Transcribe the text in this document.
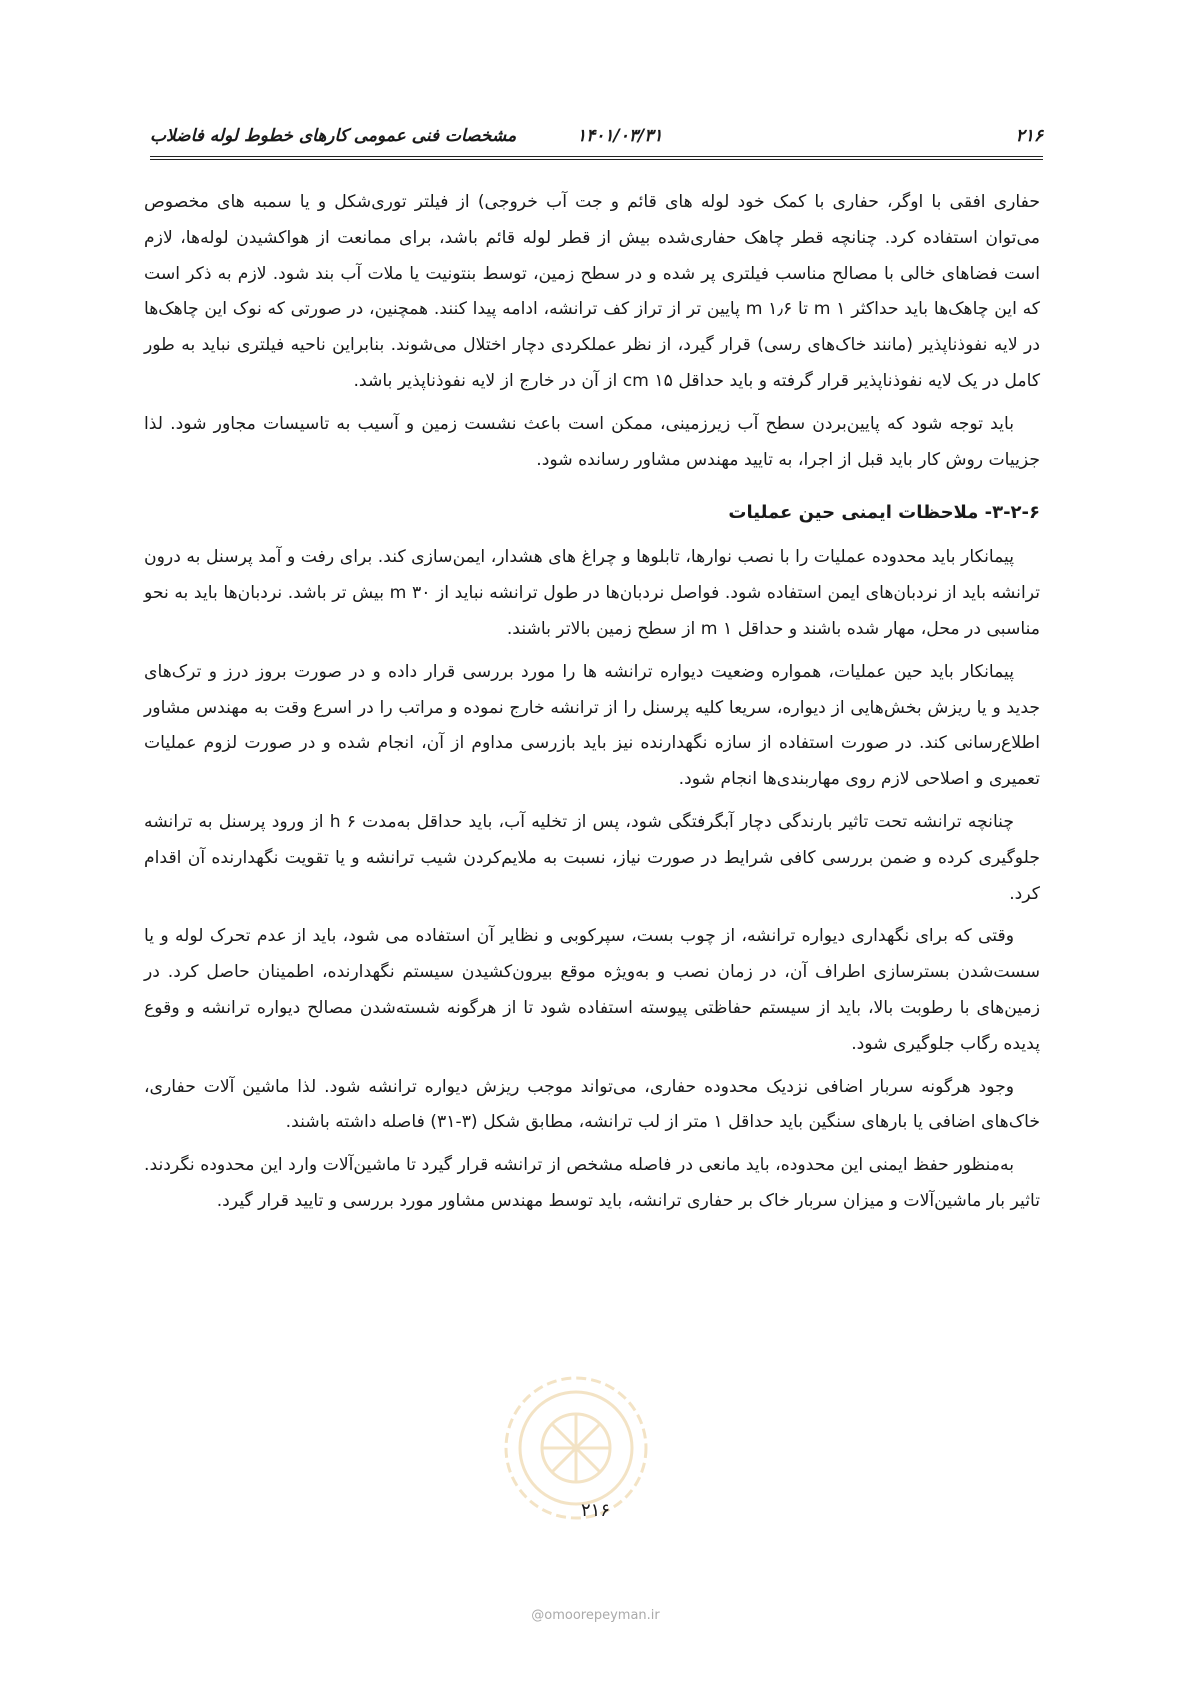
۲۱۶
۱۴۰۱/۰۳/۳۱
مشخصات فنی عمومی کارهای خطوط لوله فاضلاب

حفاری افقی با اوگر، حفاری با کمک خود لوله های قائم و جت آب خروجی) از فیلتر توری‌شکل و یا سمبه های مخصوص می‌توان استفاده کرد. چنانچه قطر چاهک حفاری‌شده بیش از قطر لوله قائم باشد، برای ممانعت از هواکشیدن لوله‌ها، لازم است فضاهای خالی با مصالح مناسب فیلتری پر شده و در سطح زمین، توسط بنتونیت یا ملات آب بند شود. لازم به ذکر است که این چاهک‌ها باید حداکثر m ۱ تا m ۱٫۶ پایین تر از تراز کف ترانشه، ادامه پیدا کنند. همچنین، در صورتی که نوک این چاهک‌ها در لایه نفوذناپذیر (مانند خاک‌های رسی) قرار گیرد، از نظر عملکردی دچار اختلال می‌شوند. بنابراین ناحیه فیلتری نباید به طور کامل در یک لایه نفوذناپذیر قرار گرفته و باید حداقل cm ۱۵ از آن در خارج از لایه نفوذناپذیر باشد.

باید توجه شود که پایین‌بردن سطح آب زیرزمینی، ممکن است باعث نشست زمین و آسیب به تاسیسات مجاور شود. لذا جزییات روش کار باید قبل از اجرا، به تایید مهندس مشاور رسانده شود.

۳-۲-۶- ملاحظات ایمنی حین عملیات

پیمانکار باید محدوده عملیات را با نصب نوارها، تابلوها و چراغ های هشدار، ایمن‌سازی کند. برای رفت و آمد پرسنل به درون ترانشه باید از نردبان‌های ایمن استفاده شود. فواصل نردبان‌ها در طول ترانشه نباید از m ۳۰ بیش تر باشد. نردبان‌ها باید به نحو مناسبی در محل، مهار شده باشند و حداقل m ۱ از سطح زمین بالاتر باشند.

پیمانکار باید حین عملیات، همواره وضعیت دیواره ترانشه ها را مورد بررسی قرار داده و در صورت بروز درز و ترک‌های جدید و یا ریزش بخش‌هایی از دیواره، سریعا کلیه پرسنل را از ترانشه خارج نموده و مراتب را در اسرع وقت به مهندس مشاور اطلاع‌رسانی کند. در صورت استفاده از سازه نگهدارنده نیز باید بازرسی مداوم از آن، انجام شده و در صورت لزوم عملیات تعمیری و اصلاحی لازم روی مهاربندی‌ها انجام شود.

چنانچه ترانشه تحت تاثیر بارندگی دچار آبگرفتگی شود، پس از تخلیه آب، باید حداقل به‌مدت h ۶ از ورود پرسنل به ترانشه جلوگیری کرده و ضمن بررسی کافی شرایط در صورت نیاز، نسبت به ملایم‌کردن شیب ترانشه و یا تقویت نگهدارنده آن اقدام کرد.

وقتی که برای نگهداری دیواره ترانشه، از چوب بست، سپرکوبی و نظایر آن استفاده می شود، باید از عدم تحرک لوله و یا سست‌شدن بسترسازی اطراف آن، در زمان نصب و به‌ویژه موقع بیرون‌کشیدن سیستم نگهدارنده، اطمینان حاصل کرد. در زمین‌های با رطوبت بالا، باید از سیستم حفاظتی پیوسته استفاده شود تا از هرگونه شسته‌شدن مصالح دیواره ترانشه و وقوع پدیده رگاب جلوگیری شود.

وجود هرگونه سربار اضافی نزدیک محدوده حفاری، می‌تواند موجب ریزش دیواره ترانشه شود. لذا ماشین آلات حفاری، خاک‌های اضافی یا بارهای سنگین باید حداقل ۱ متر از لب ترانشه، مطابق شکل (۳-۳۱) فاصله داشته باشند.

به‌منظور حفظ ایمنی این محدوده، باید مانعی در فاصله مشخص از ترانشه قرار گیرد تا ماشین‌آلات وارد این محدوده نگردند. تاثیر بار ماشین‌آلات و میزان سربار خاک بر حفاری ترانشه، باید توسط مهندس مشاور مورد بررسی و تایید قرار گیرد.

۲۱۶
@omoorepeyman.ir
